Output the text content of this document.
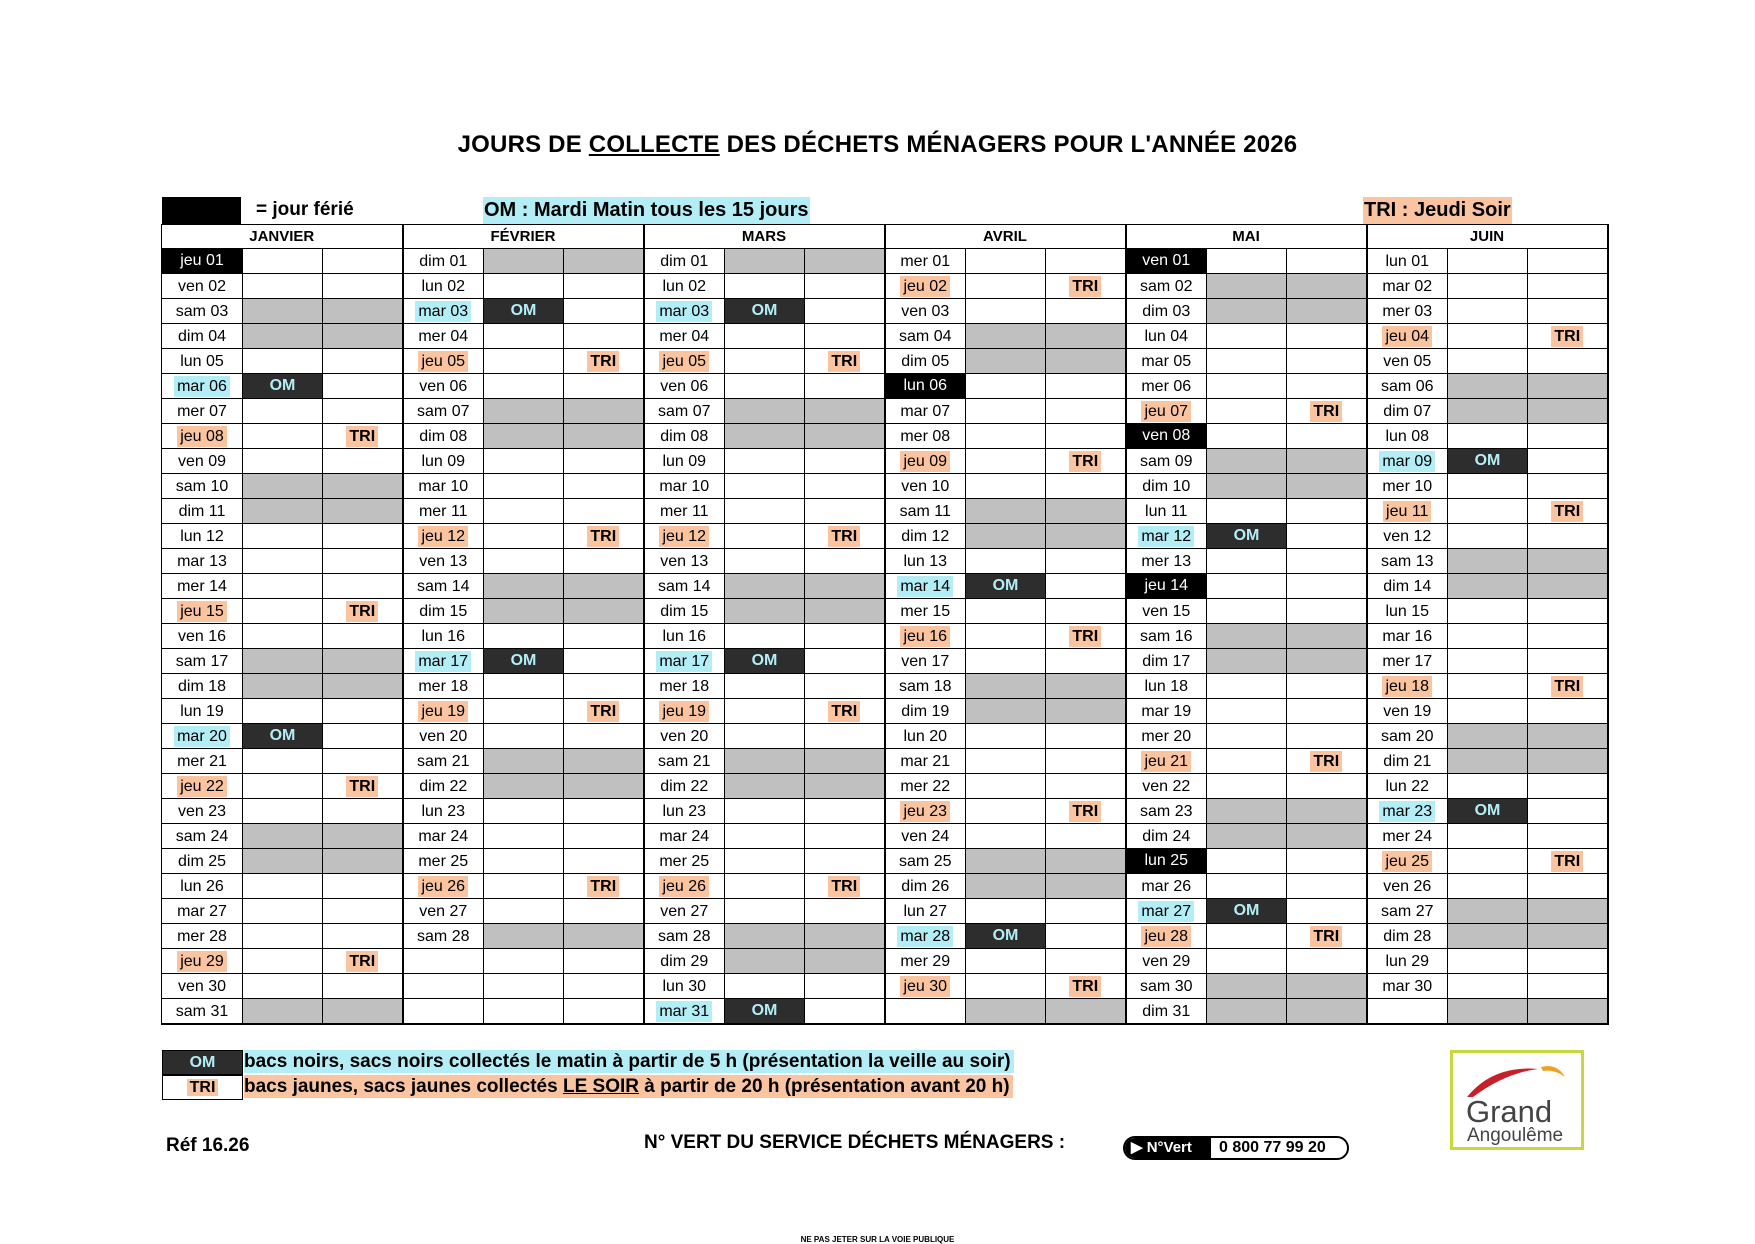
JOURS DE COLLECTE DES DÉCHETS MÉNAGERS POUR L'ANNÉE 2026
= jour férié	OM : Mardi Matin tous les 15 jours	TRI : Jeudi Soir
JANVIER			FÉVRIER			MARS			AVRIL			MAI			JUIN		
jeu 01			dim 01			dim 01			mer 01			ven 01			lun 01		
ven 02			lun 02			lun 02			jeu 02		TRI	sam 02			mar 02		
sam 03			mar 03	OM		mar 03	OM		ven 03			dim 03			mer 03		
dim 04			mer 04			mer 04			sam 04			lun 04			jeu 04		TRI
lun 05			jeu 05		TRI	jeu 05		TRI	dim 05			mar 05			ven 05		
mar 06	OM		ven 06			ven 06			lun 06			mer 06			sam 06		
mer 07			sam 07			sam 07			mar 07			jeu 07		TRI	dim 07		
jeu 08		TRI	dim 08			dim 08			mer 08			ven 08			lun 08		
ven 09			lun 09			lun 09			jeu 09		TRI	sam 09			mar 09	OM	
sam 10			mar 10			mar 10			ven 10			dim 10			mer 10		
dim 11			mer 11			mer 11			sam 11			lun 11			jeu 11		TRI
lun 12			jeu 12		TRI	jeu 12		TRI	dim 12			mar 12	OM		ven 12		
mar 13			ven 13			ven 13			lun 13			mer 13			sam 13		
mer 14			sam 14			sam 14			mar 14	OM		jeu 14			dim 14		
jeu 15		TRI	dim 15			dim 15			mer 15			ven 15			lun 15		
ven 16			lun 16			lun 16			jeu 16		TRI	sam 16			mar 16		
sam 17			mar 17	OM		mar 17	OM		ven 17			dim 17			mer 17		
dim 18			mer 18			mer 18			sam 18			lun 18			jeu 18		TRI
lun 19			jeu 19		TRI	jeu 19		TRI	dim 19			mar 19			ven 19		
mar 20	OM		ven 20			ven 20			lun 20			mer 20			sam 20		
mer 21			sam 21			sam 21			mar 21			jeu 21		TRI	dim 21		
jeu 22		TRI	dim 22			dim 22			mer 22			ven 22			lun 22		
ven 23			lun 23			lun 23			jeu 23		TRI	sam 23			mar 23	OM	
sam 24			mar 24			mar 24			ven 24			dim 24			mer 24		
dim 25			mer 25			mer 25			sam 25			lun 25			jeu 25		TRI
lun 26			jeu 26		TRI	jeu 26		TRI	dim 26			mar 26			ven 26		
mar 27			ven 27			ven 27			lun 27			mar 27	OM		sam 27		
mer 28			sam 28			sam 28			mar 28	OM		jeu 28		TRI	dim 28		
jeu 29		TRI				dim 29			mer 29			ven 29			lun 29		
ven 30						lun 30			jeu 30		TRI	sam 30			mar 30		
sam 31						mar 31	OM					dim 31					
OM	bacs noirs, sacs noirs collectés le matin à partir de 5 h (présentation la veille au soir)
TRI	bacs jaunes, sacs jaunes collectés LE SOIR à partir de 20 h (présentation avant 20 h)
Réf 16.26	N° VERT DU SERVICE DÉCHETS MÉNAGERS :	▶ N°Vert	0 800 77 99 20
Grand
Angoulême
NE PAS JETER SUR LA VOIE PUBLIQUE
